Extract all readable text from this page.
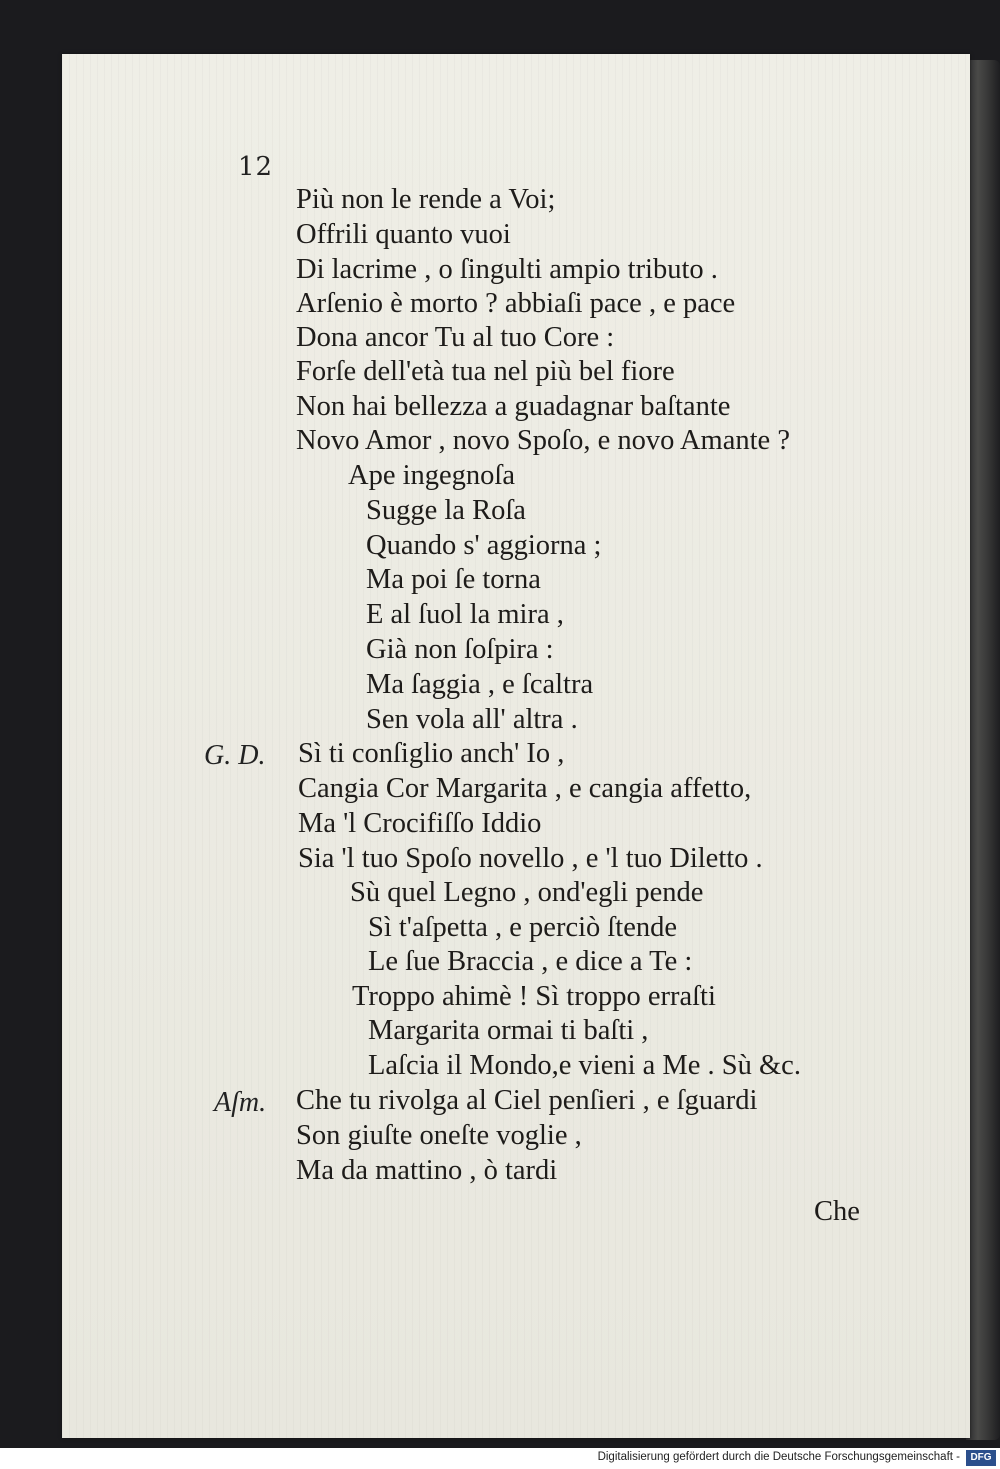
12
Più non le rende a Voi;
Offrili quanto vuoi
Di lacrime , o ſingulti ampio tributo .
Arſenio è morto ? abbiaſi pace , e pace
Dona ancor Tu al tuo Core :
Forſe dell'età tua nel più bel fiore
Non hai bellezza a guadagnar baſtante
Novo Amor , novo Spoſo, e novo Amante ?
Ape ingegnoſa
Sugge la Roſa
Quando s' aggiorna ;
Ma poi ſe torna
E al ſuol la mira ,
Già non ſoſpira :
Ma ſaggia , e ſcaltra
Sen vola all' altra .
G. D. Sì ti conſiglio anch' Io ,
Cangia Cor Margarita , e cangia affetto,
Ma 'l Crocifiſſo Iddio
Sia 'l tuo Spoſo novello , e 'l tuo Diletto .
Sù quel Legno , ond'egli pende
Sì t'aſpetta , e perciò ſtende
Le ſue Braccia , e dice a Te :
Troppo ahimè ! Sì troppo erraſti
Margarita ormai ti baſti ,
Laſcia il Mondo,e vieni a Me . Sù &c.
Aſm. Che tu rivolga al Ciel penſieri , e ſguardi
Son giuſte oneſte voglie ,
Ma da mattino , ò tardi
Che
Digitalisierung gefördert durch die Deutsche Forschungsgemeinschaft -	DFG
